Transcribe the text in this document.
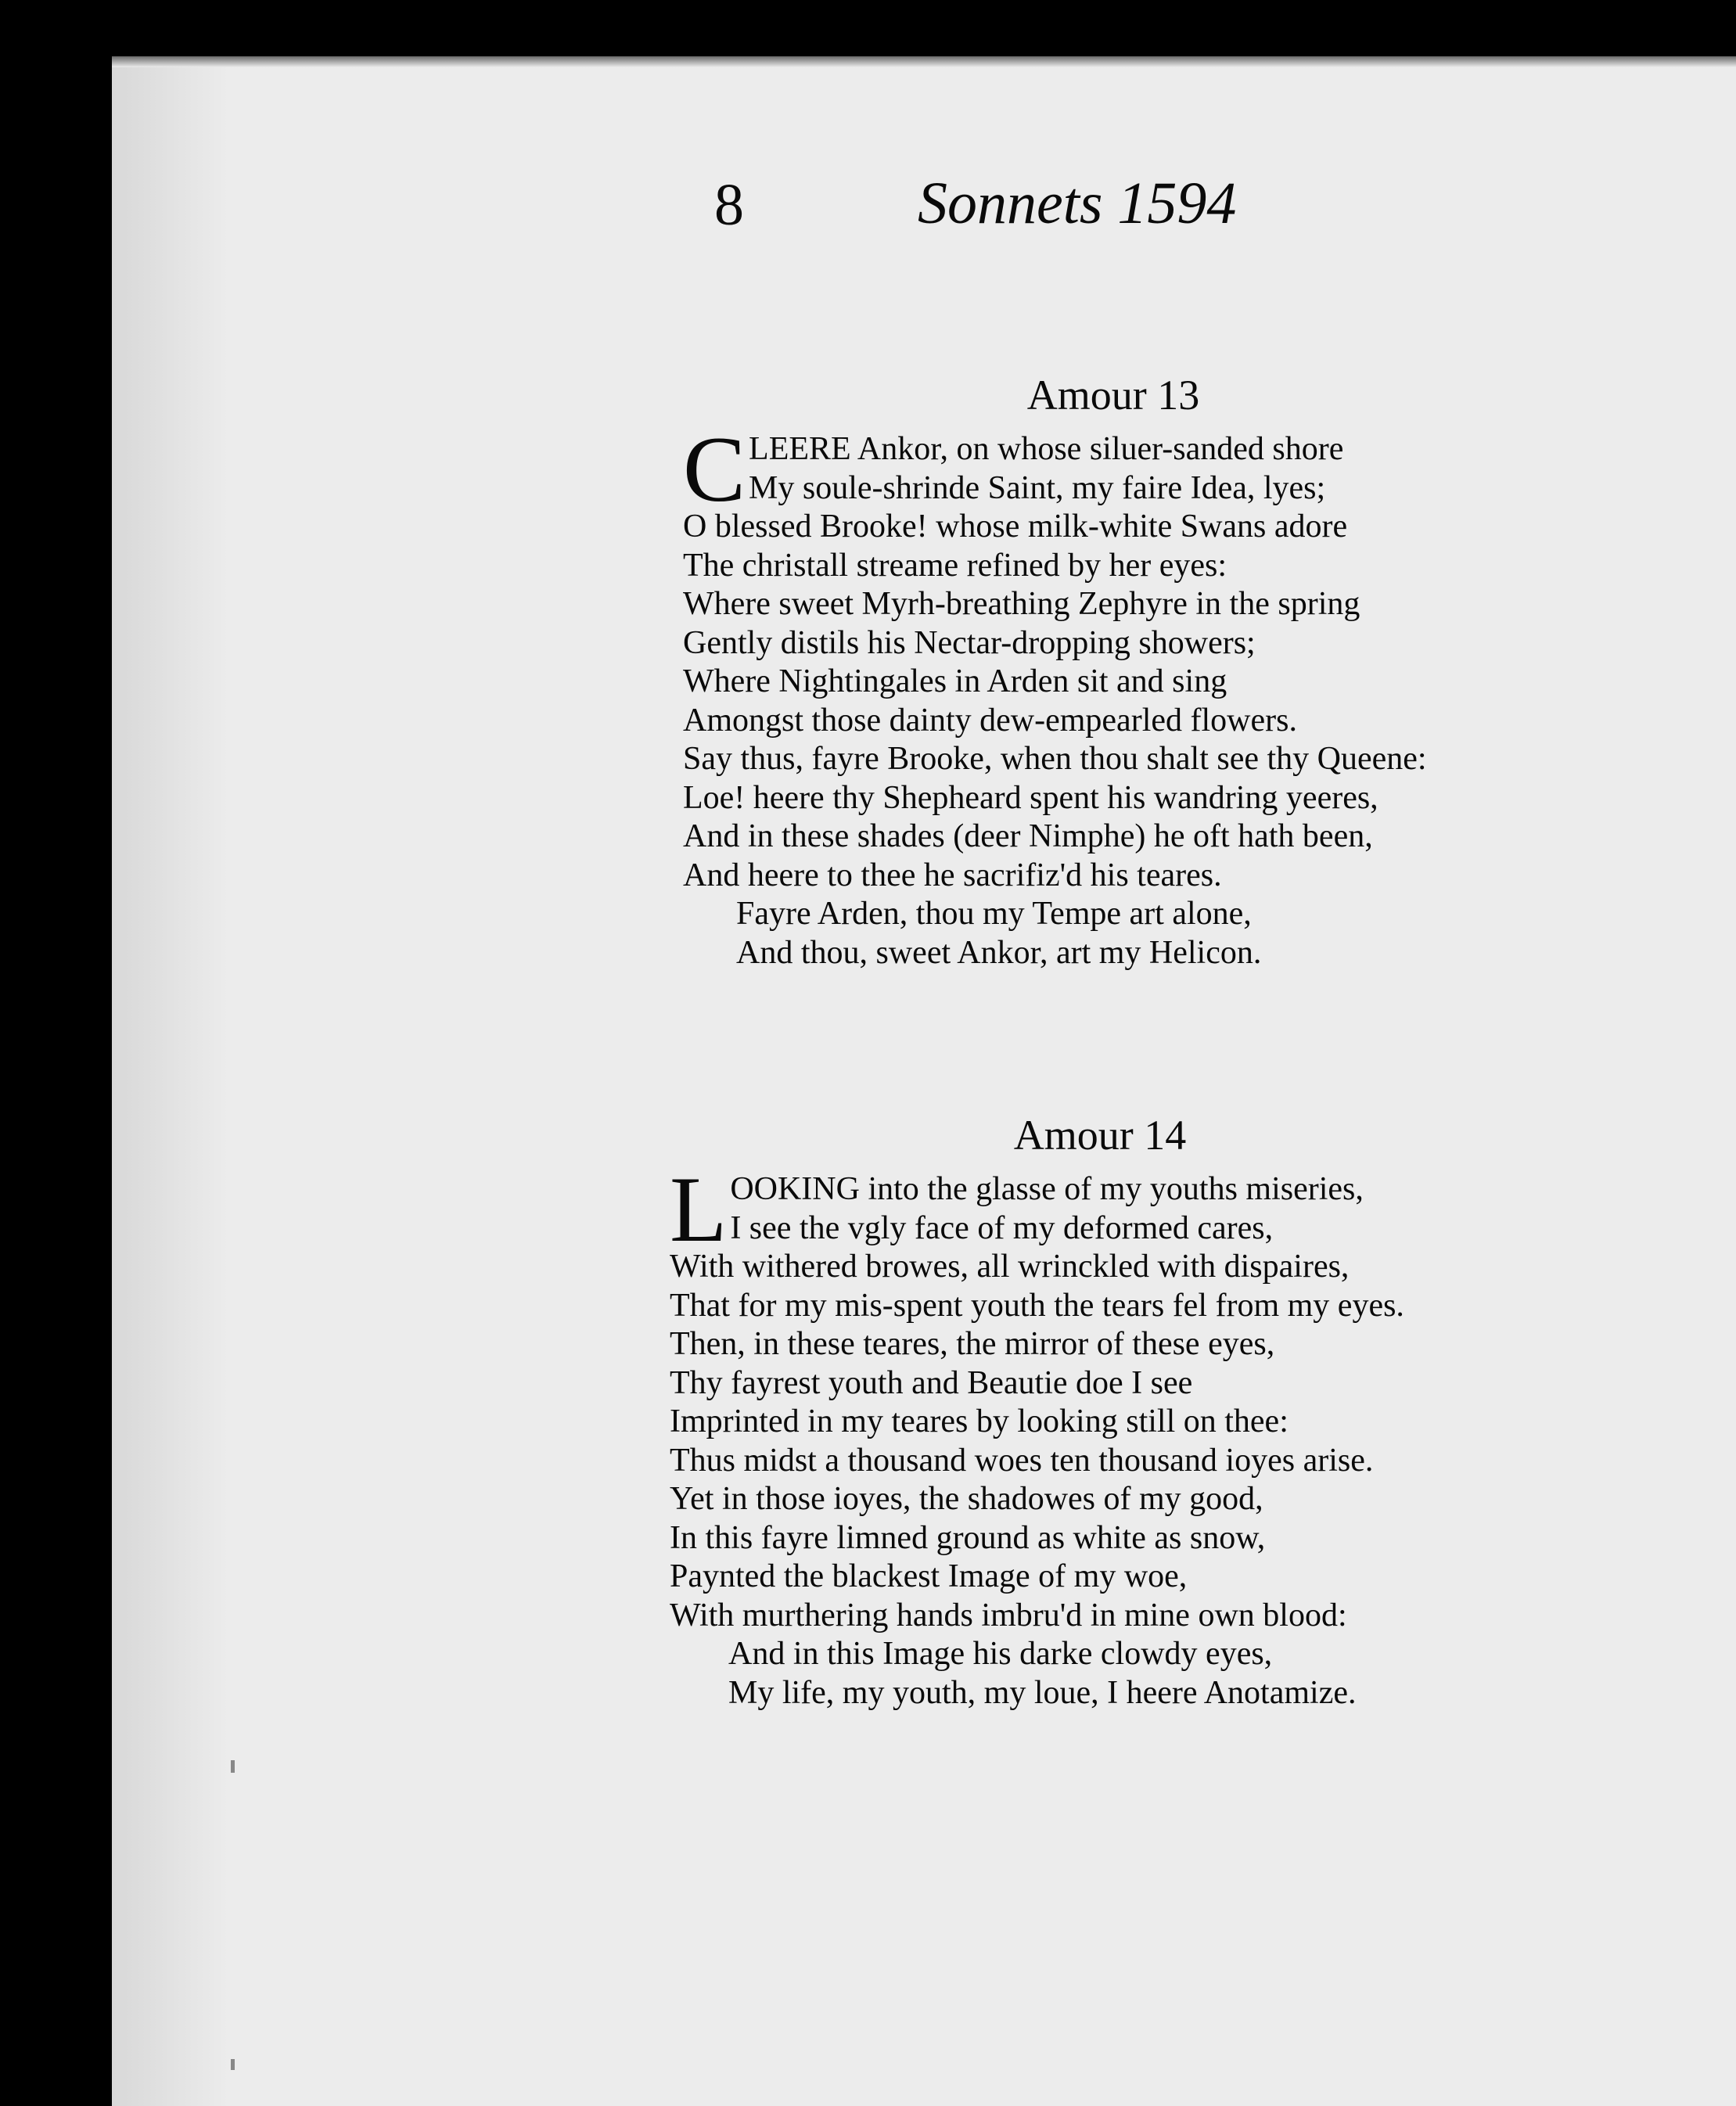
8	Sonnets 1594
Amour 13
C LEERE Ankor, on whose siluer-sanded shore
My soule-shrinde Saint, my faire Idea, lyes;
O blessed Brooke! whose milk-white Swans adore
The christall streame refined by her eyes:
Where sweet Myrh-breathing Zephyre in the spring
Gently distils his Nectar-dropping showers;
Where Nightingales in Arden sit and sing
Amongst those dainty dew-empearled flowers.
Say thus, fayre Brooke, when thou shalt see thy Queene:
Loe! heere thy Shepheard spent his wandring yeeres,
And in these shades (deer Nimphe) he oft hath been,
And heere to thee he sacrifiz'd his teares.
Fayre Arden, thou my Tempe art alone,
And thou, sweet Ankor, art my Helicon.
Amour 14
L OOKING into the glasse of my youths miseries,
I see the vgly face of my deformed cares,
With withered browes, all wrinckled with dispaires,
That for my mis-spent youth the tears fel from my eyes.
Then, in these teares, the mirror of these eyes,
Thy fayrest youth and Beautie doe I see
Imprinted in my teares by looking still on thee:
Thus midst a thousand woes ten thousand ioyes arise.
Yet in those ioyes, the shadowes of my good,
In this fayre limned ground as white as snow,
Paynted the blackest Image of my woe,
With murthering hands imbru'd in mine own blood:
And in this Image his darke clowdy eyes,
My life, my youth, my loue, I heere Anotamize.
